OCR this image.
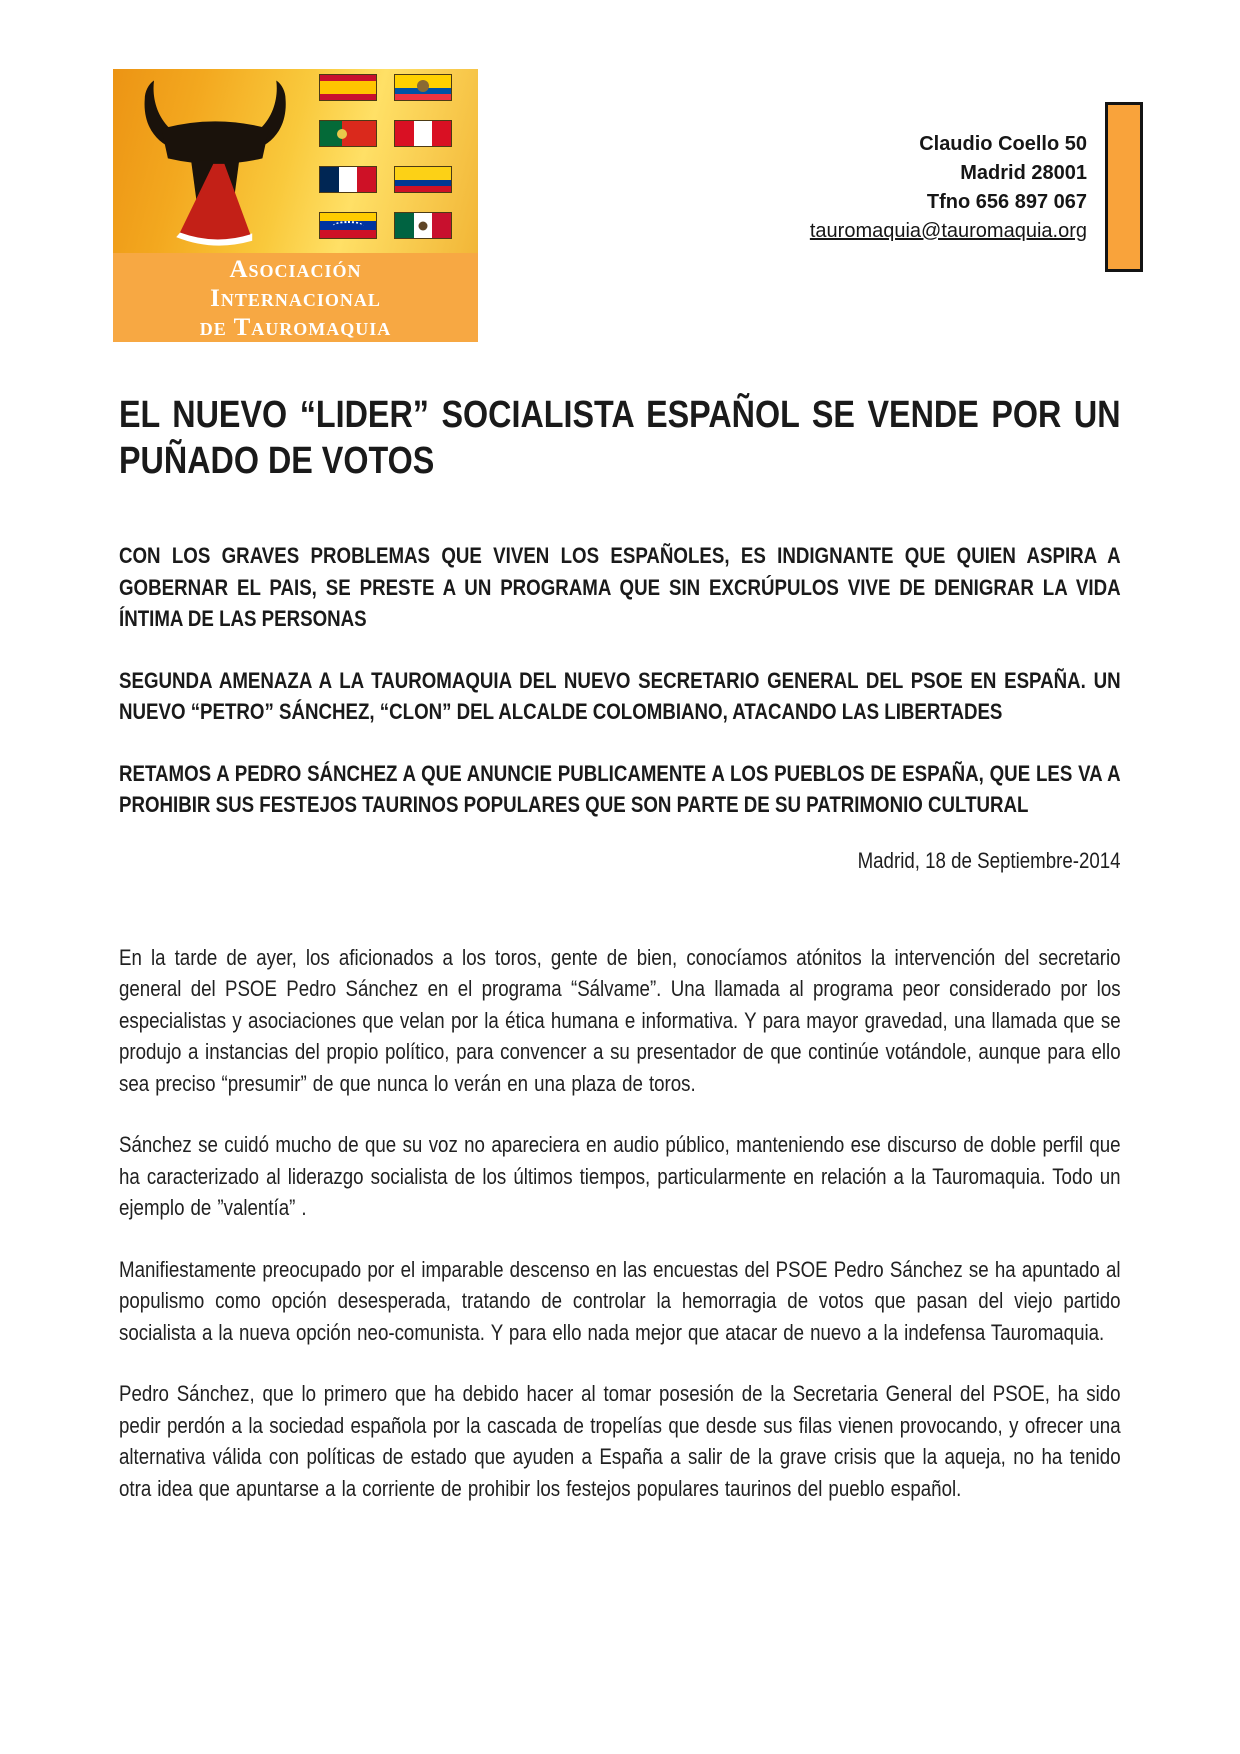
Asociación
Internacional
de Tauromaquia
Claudio Coello 50
Madrid 28001
Tfno 656 897 067
tauromaquia@tauromaquia.org
EL NUEVO “LIDER” SOCIALISTA ESPAÑOL SE VENDE POR UN PUÑADO DE VOTOS

CON LOS GRAVES PROBLEMAS QUE VIVEN LOS ESPAÑOLES, ES INDIGNANTE QUE QUIEN ASPIRA A GOBERNAR EL PAIS, SE PRESTE A UN PROGRAMA QUE SIN EXCRÚPULOS VIVE DE DENIGRAR LA VIDA ÍNTIMA DE LAS PERSONAS

SEGUNDA AMENAZA A LA TAUROMAQUIA DEL NUEVO SECRETARIO GENERAL DEL PSOE EN ESPAÑA. UN NUEVO “PETRO” SÁNCHEZ, “CLON” DEL ALCALDE COLOMBIANO, ATACANDO LAS LIBERTADES

RETAMOS A PEDRO SÁNCHEZ A QUE ANUNCIE PUBLICAMENTE A LOS PUEBLOS DE ESPAÑA, QUE LES VA A PROHIBIR SUS FESTEJOS TAURINOS POPULARES QUE SON PARTE DE SU PATRIMONIO CULTURAL

Madrid, 18 de Septiembre-2014

En la tarde de ayer, los aficionados a los toros, gente de bien, conocíamos atónitos la intervención del secretario general del PSOE Pedro Sánchez en el programa “Sálvame”. Una llamada al programa peor considerado por los especialistas y asociaciones que velan por la ética humana e informativa. Y para mayor gravedad, una llamada que se produjo a instancias del propio político, para convencer a su presentador de que continúe votándole, aunque para ello sea preciso “presumir” de que nunca lo verán en una plaza de toros.

Sánchez se cuidó mucho de que su voz no apareciera en audio público, manteniendo ese discurso de doble perfil que ha caracterizado al liderazgo socialista de los últimos tiempos, particularmente en relación a la Tauromaquia. Todo un ejemplo de ”valentía” .

Manifiestamente preocupado por el imparable descenso en las encuestas del PSOE Pedro Sánchez se ha apuntado al populismo como opción desesperada, tratando de controlar la hemorragia de votos que pasan del viejo partido socialista a la nueva opción neo-comunista. Y para ello nada mejor que atacar de nuevo a la indefensa Tauromaquia.

Pedro Sánchez, que lo primero que ha debido hacer al tomar posesión de la Secretaria General del PSOE, ha sido pedir perdón a la sociedad española por la cascada de tropelías que desde sus filas vienen provocando, y ofrecer una alternativa válida con políticas de estado que ayuden a España a salir de la grave crisis que la aqueja, no ha tenido otra idea que apuntarse a la corriente de prohibir los festejos populares taurinos del pueblo español.
